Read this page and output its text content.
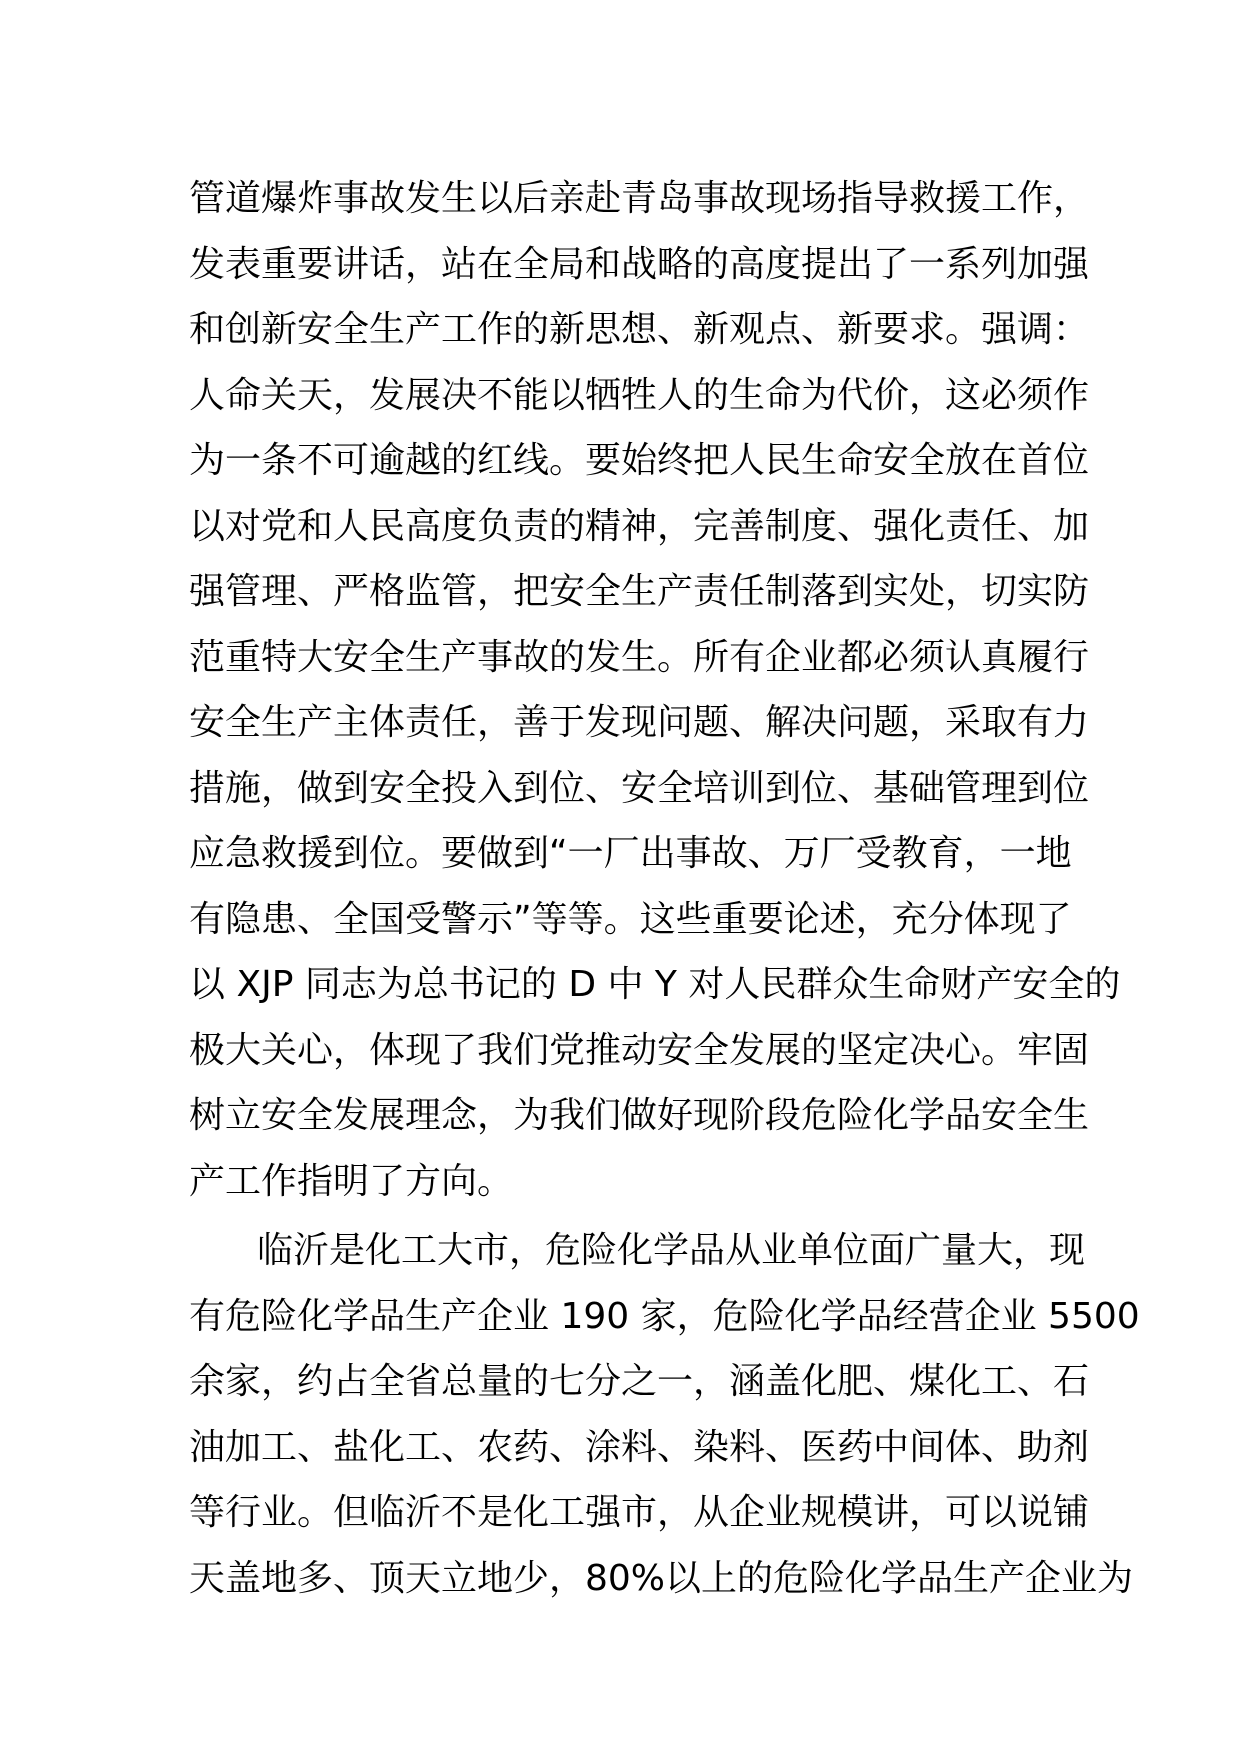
管道爆炸事故发生以后亲赴青岛事故现场指导救援工作，
发表重要讲话，站在全局和战略的高度提出了一系列加强
和创新安全生产工作的新思想、新观点、新要求。强调：
人命关天，发展决不能以牺牲人的生命为代价，这必须作
为一条不可逾越的红线。要始终把人民生命安全放在首位
以对党和人民高度负责的精神，完善制度、强化责任、加
强管理、严格监管，把安全生产责任制落到实处，切实防
范重特大安全生产事故的发生。所有企业都必须认真履行
安全生产主体责任，善于发现问题、解决问题，采取有力
措施，做到安全投入到位、安全培训到位、基础管理到位
应急救援到位。要做到“一厂出事故、万厂受教育，一地
有隐患、全国受警示”等等。这些重要论述，充分体现了
以 XJP 同志为总书记的 D 中 Y 对人民群众生命财产安全的
极大关心，体现了我们党推动安全发展的坚定决心。牢固
树立安全发展理念，为我们做好现阶段危险化学品安全生
产工作指明了方向。
临沂是化工大市，危险化学品从业单位面广量大，现
有危险化学品生产企业 190 家，危险化学品经营企业 5500
余家，约占全省总量的七分之一，涵盖化肥、煤化工、石
油加工、盐化工、农药、涂料、染料、医药中间体、助剂
等行业。但临沂不是化工强市，从企业规模讲，可以说铺
天盖地多、顶天立地少，80%以上的危险化学品生产企业为
